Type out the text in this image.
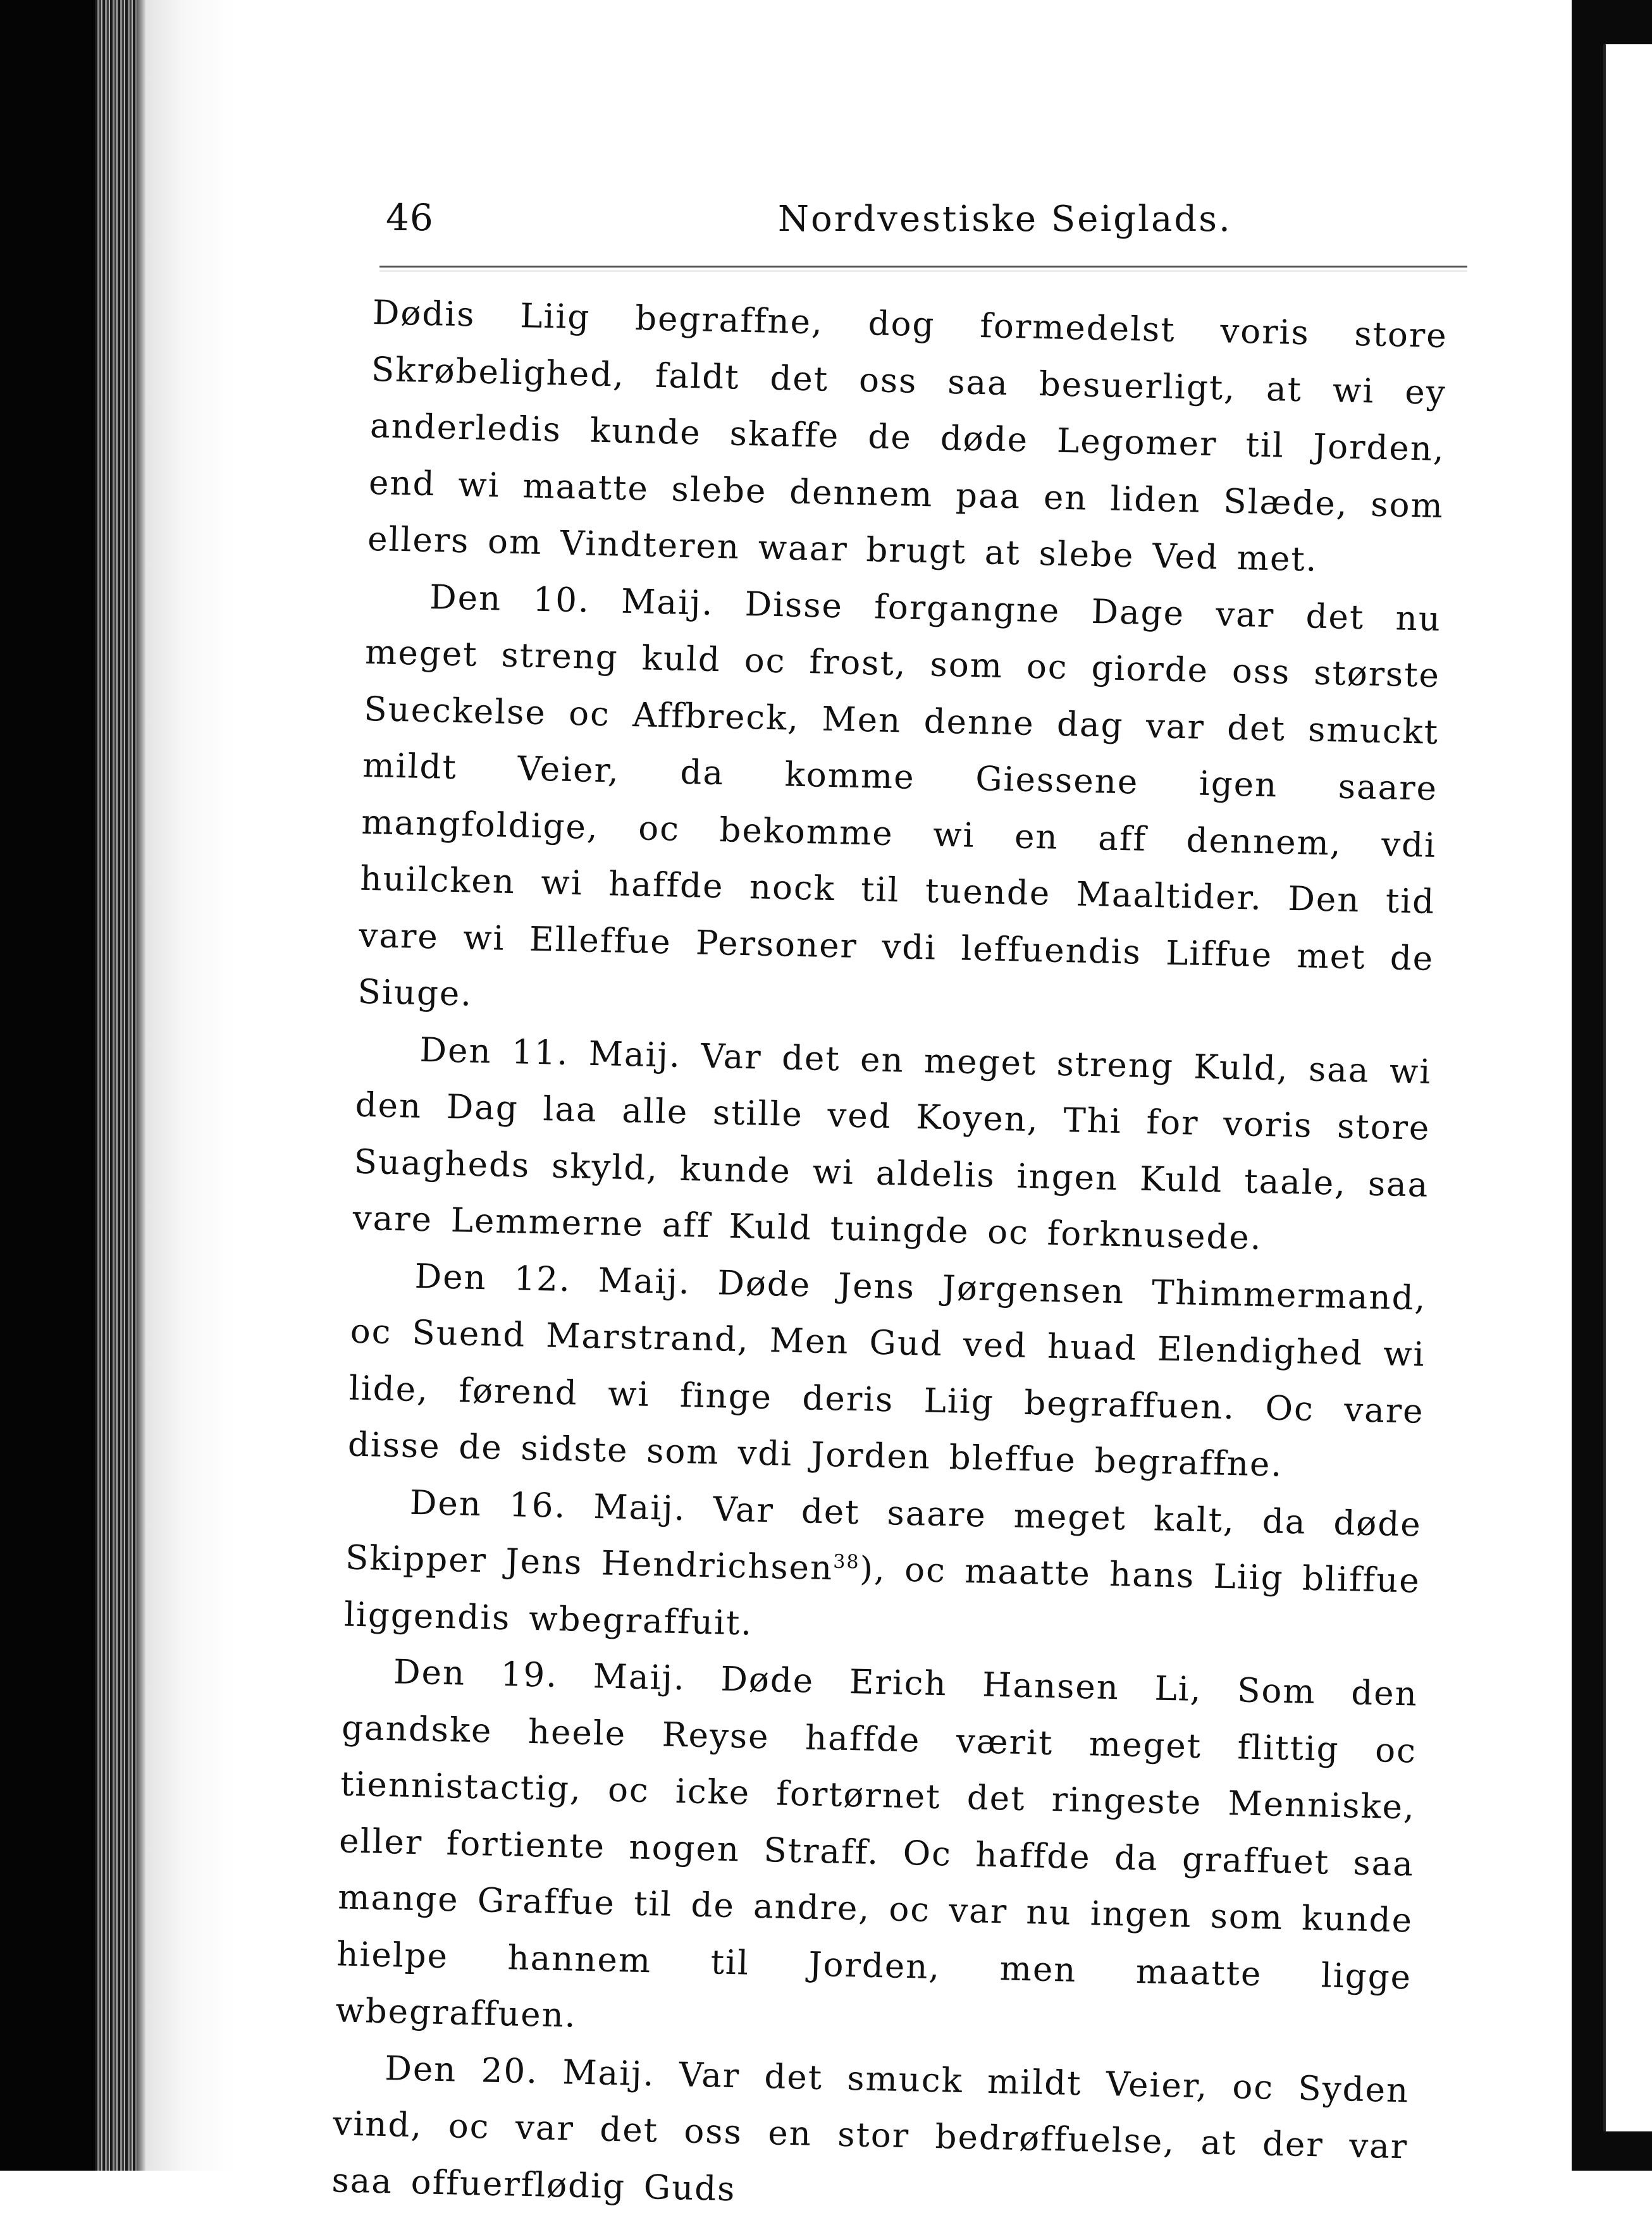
46	Nordvestiske Seiglads.

Dødis Liig begraffne, dog formedelst voris store Skrøbelighed, faldt det oss saa besuerligt, at wi ey anderledis kunde skaffe de døde Legomer til Jorden, end wi maatte slebe dennem paa en liden Slæde, som ellers om Vindteren waar brugt at slebe Ved met.

Den 10. Maij. Disse forgangne Dage var det nu meget streng kuld oc frost, som oc giorde oss største Sueckelse oc Affbreck, Men denne dag var det smuckt mildt Veier, da komme Giessene igen saare mangfoldige, oc bekomme wi en aff dennem, vdi huilcken wi haffde nock til tuende Maaltider. Den tid vare wi Elleffue Personer vdi leffuendis Liffue met de Siuge.

Den 11. Maij. Var det en meget streng Kuld, saa wi den Dag laa alle stille ved Koyen, Thi for voris store Suagheds skyld, kunde wi aldelis ingen Kuld taale, saa vare Lemmerne aff Kuld tuingde oc forknusede.

Den 12. Maij. Døde Jens Jørgensen Thimmermand, oc Suend Marstrand, Men Gud ved huad Elendighed wi lide, førend wi finge deris Liig begraffuen. Oc vare disse de sidste som vdi Jorden bleffue begraffne.

Den 16. Maij. Var det saare meget kalt, da døde Skipper Jens Hendrichsen$^{38}$), oc maatte hans Liig bliffue liggendis wbegraffuit.

Den 19. Maij. Døde Erich Hansen Li, Som den gandske heele Reyse haffde værit meget flittig oc tiennistactig, oc icke fortørnet det ringeste Menniske, eller fortiente nogen Straff. Oc haffde da graffuet saa mange Graffue til de andre, oc var nu ingen som kunde hielpe hannem til Jorden, men maatte ligge wbegraffuen.

Den 20. Maij. Var det smuck mildt Veier, oc Syden vind, oc var det oss en stor bedrøffuelse, at der var saa offuerflødig Guds
